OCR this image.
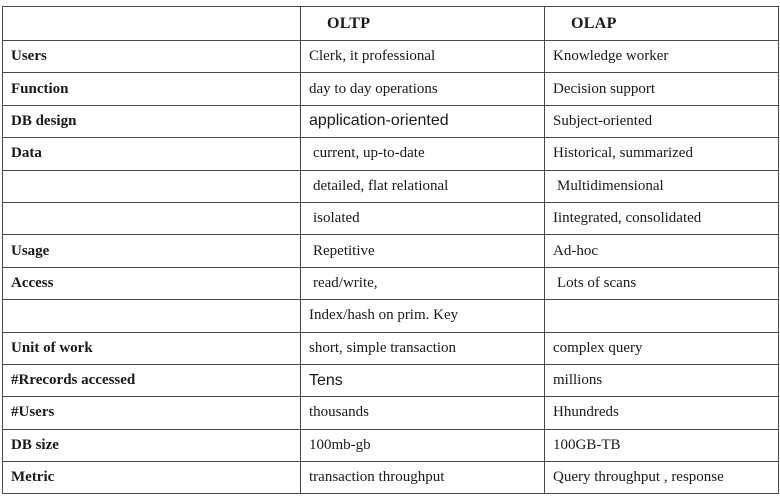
	OLTP	OLAP
Users	Clerk, it professional	Knowledge worker
Function	day to day operations	Decision support
DB design	application-oriented	Subject-oriented
Data	current, up-to-date	Historical, summarized
	detailed, flat relational	Multidimensional
	isolated	Iintegrated, consolidated
Usage	Repetitive	Ad-hoc
Access	read/write,	Lots of scans
	Index/hash on prim. Key	
Unit of work	short, simple transaction	complex query
#Rrecords accessed	Tens	millions
#Users	thousands	Hhundreds
DB size	100mb-gb	100GB-TB
Metric	transaction throughput	Query throughput , response
